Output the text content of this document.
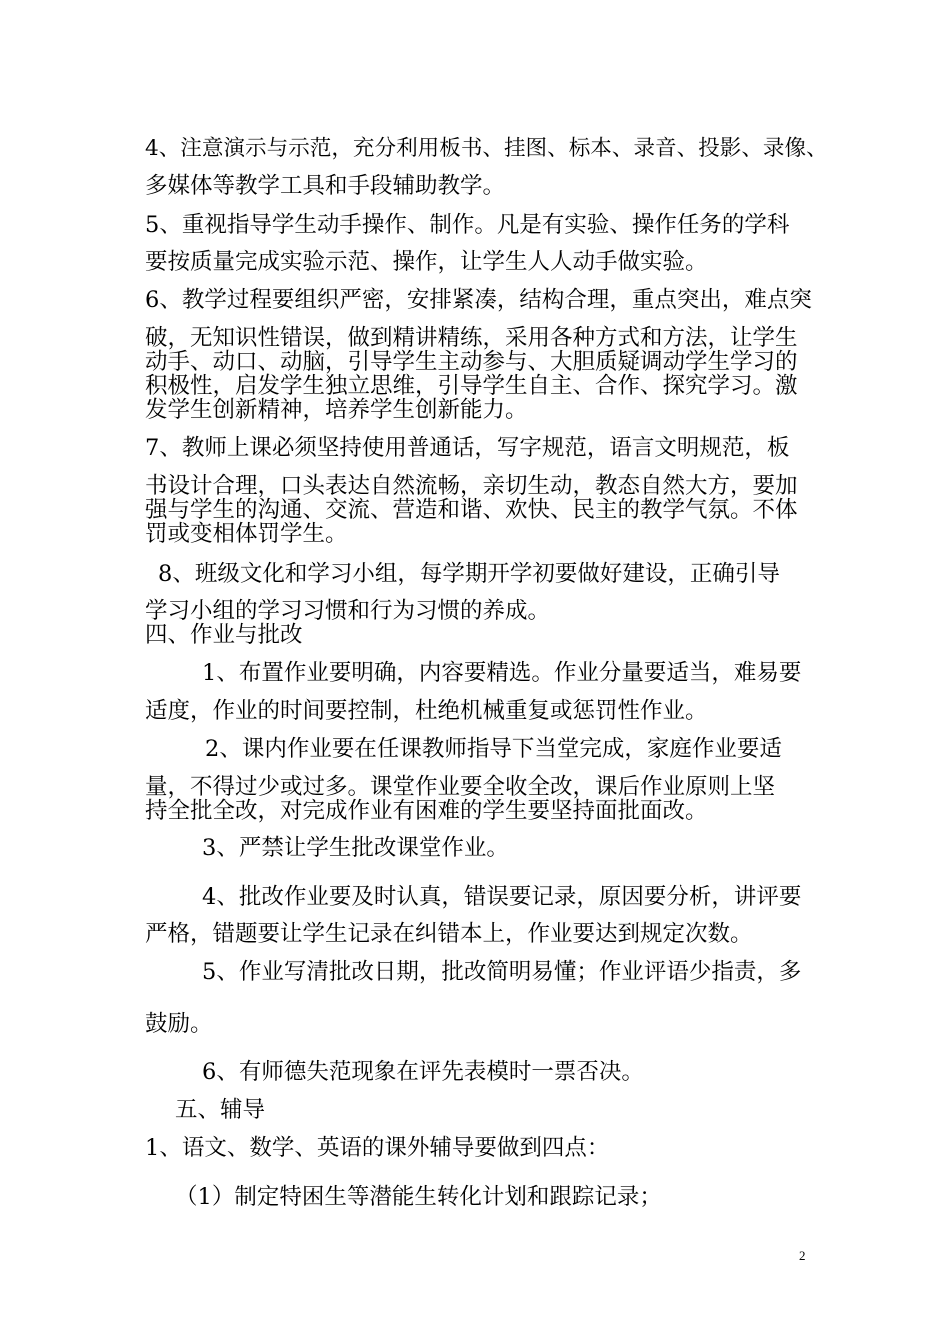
4、注意演示与示范，充分利用板书、挂图、标本、录音、投影、录像、
多媒体等教学工具和手段辅助教学。
5、重视指导学生动手操作、制作。凡是有实验、操作任务的学科
要按质量完成实验示范、操作，让学生人人动手做实验。
6、教学过程要组织严密，安排紧凑，结构合理，重点突出，难点突
破，无知识性错误，做到精讲精练，采用各种方式和方法，让学生
动手、动口、动脑，引导学生主动参与、大胆质疑调动学生学习的
积极性，启发学生独立思维，引导学生自主、合作、探究学习。激
发学生创新精神，培养学生创新能力。
7、教师上课必须坚持使用普通话，写字规范，语言文明规范，板
书设计合理，口头表达自然流畅，亲切生动，教态自然大方，要加
强与学生的沟通、交流、营造和谐、欢快、民主的教学气氛。不体
罚或变相体罚学生。
8、班级文化和学习小组，每学期开学初要做好建设，正确引导
学习小组的学习习惯和行为习惯的养成。
四、作业与批改
1、布置作业要明确，内容要精选。作业分量要适当，难易要
适度，作业的时间要控制，杜绝机械重复或惩罚性作业。
2、课内作业要在任课教师指导下当堂完成，家庭作业要适
量，不得过少或过多。课堂作业要全收全改，课后作业原则上坚
持全批全改，对完成作业有困难的学生要坚持面批面改。
3、严禁让学生批改课堂作业。
4、批改作业要及时认真，错误要记录，原因要分析，讲评要
严格，错题要让学生记录在纠错本上，作业要达到规定次数。
5、作业写清批改日期，批改简明易懂；作业评语少指责，多
鼓励。
6、有师德失范现象在评先表模时一票否决。
五、辅导
1、语文、数学、英语的课外辅导要做到四点：
（1）制定特困生等潜能生转化计划和跟踪记录；
2
